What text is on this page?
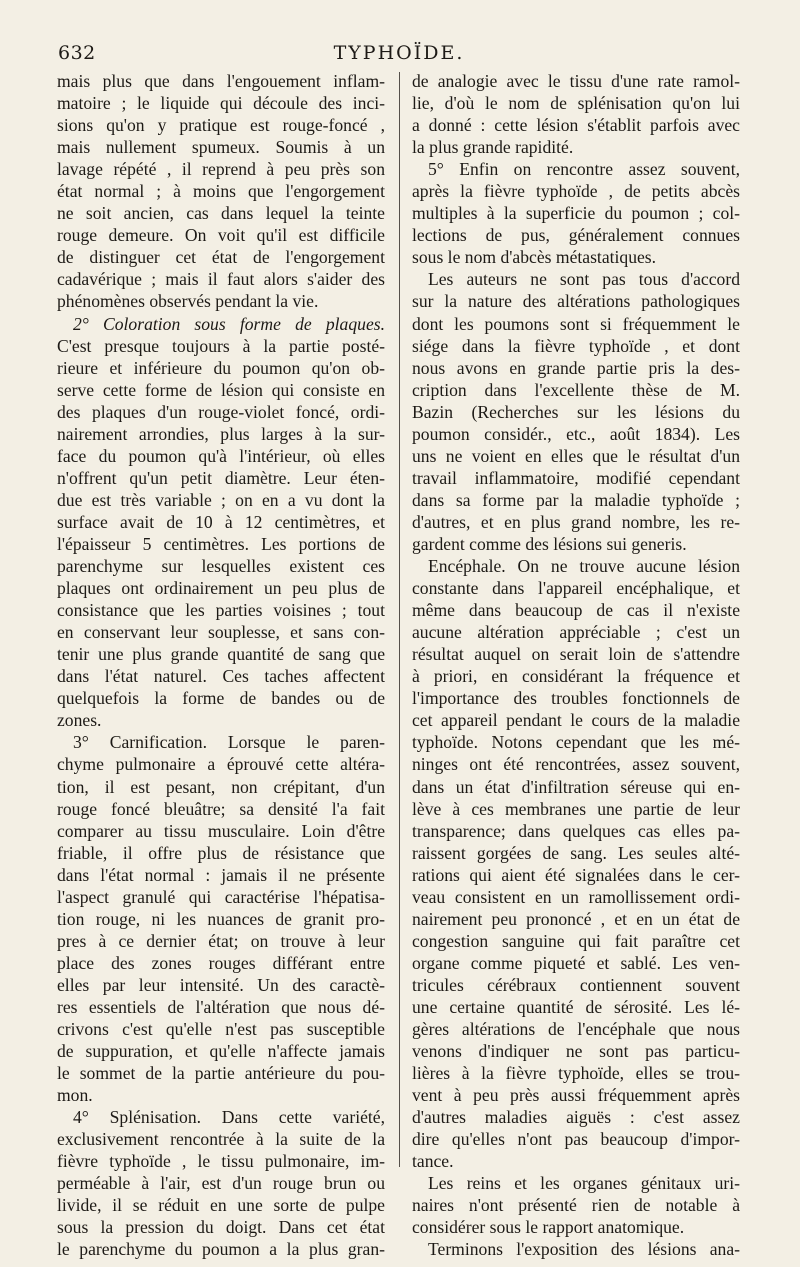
632	TYPHOÏDE.
mais plus que dans l'engouement inflam-
matoire ; le liquide qui découle des inci-
sions qu'on y pratique est rouge-foncé ,
mais nullement spumeux. Soumis à un
lavage répété , il reprend à peu près son
état normal ; à moins que l'engorgement
ne soit ancien, cas dans lequel la teinte
rouge demeure. On voit qu'il est difficile
de distinguer cet état de l'engorgement
cadavérique ; mais il faut alors s'aider des
phénomènes observés pendant la vie.
2° Coloration sous forme de plaques.
C'est presque toujours à la partie posté-
rieure et inférieure du poumon qu'on ob-
serve cette forme de lésion qui consiste en
des plaques d'un rouge-violet foncé, ordi-
nairement arrondies, plus larges à la sur-
face du poumon qu'à l'intérieur, où elles
n'offrent qu'un petit diamètre. Leur éten-
due est très variable ; on en a vu dont la
surface avait de 10 à 12 centimètres, et
l'épaisseur 5 centimètres. Les portions de
parenchyme sur lesquelles existent ces
plaques ont ordinairement un peu plus de
consistance que les parties voisines ; tout
en conservant leur souplesse, et sans con-
tenir une plus grande quantité de sang que
dans l'état naturel. Ces taches affectent
quelquefois la forme de bandes ou de
zones.
3° Carnification. Lorsque le paren-
chyme pulmonaire a éprouvé cette altéra-
tion, il est pesant, non crépitant, d'un
rouge foncé bleuâtre; sa densité l'a fait
comparer au tissu musculaire. Loin d'être
friable, il offre plus de résistance que
dans l'état normal : jamais il ne présente
l'aspect granulé qui caractérise l'hépatisa-
tion rouge, ni les nuances de granit pro-
pres à ce dernier état; on trouve à leur
place des zones rouges différant entre
elles par leur intensité. Un des caractè-
res essentiels de l'altération que nous dé-
crivons c'est qu'elle n'est pas susceptible
de suppuration, et qu'elle n'affecte jamais
le sommet de la partie antérieure du pou-
mon.
4° Splénisation. Dans cette variété,
exclusivement rencontrée à la suite de la
fièvre typhoïde , le tissu pulmonaire, im-
perméable à l'air, est d'un rouge brun ou
livide, il se réduit en une sorte de pulpe
sous la pression du doigt. Dans cet état
le parenchyme du poumon a la plus gran-
de analogie avec le tissu d'une rate ramol-
lie, d'où le nom de splénisation qu'on lui
a donné : cette lésion s'établit parfois avec
la plus grande rapidité.
5° Enfin on rencontre assez souvent,
après la fièvre typhoïde , de petits abcès
multiples à la superficie du poumon ; col-
lections de pus, généralement connues
sous le nom d'abcès métastatiques.
Les auteurs ne sont pas tous d'accord
sur la nature des altérations pathologiques
dont les poumons sont si fréquemment le
siége dans la fièvre typhoïde , et dont
nous avons en grande partie pris la des-
cription dans l'excellente thèse de M.
Bazin (Recherches sur les lésions du
poumon considér., etc., août 1834). Les
uns ne voient en elles que le résultat d'un
travail inflammatoire, modifié cependant
dans sa forme par la maladie typhoïde ;
d'autres, et en plus grand nombre, les re-
gardent comme des lésions sui generis.
Encéphale. On ne trouve aucune lésion
constante dans l'appareil encéphalique, et
même dans beaucoup de cas il n'existe
aucune altération appréciable ; c'est un
résultat auquel on serait loin de s'attendre
à priori, en considérant la fréquence et
l'importance des troubles fonctionnels de
cet appareil pendant le cours de la maladie
typhoïde. Notons cependant que les mé-
ninges ont été rencontrées, assez souvent,
dans un état d'infiltration séreuse qui en-
lève à ces membranes une partie de leur
transparence; dans quelques cas elles pa-
raissent gorgées de sang. Les seules alté-
rations qui aient été signalées dans le cer-
veau consistent en un ramollissement ordi-
nairement peu prononcé , et en un état de
congestion sanguine qui fait paraître cet
organe comme piqueté et sablé. Les ven-
tricules cérébraux contiennent souvent
une certaine quantité de sérosité. Les lé-
gères altérations de l'encéphale que nous
venons d'indiquer ne sont pas particu-
lières à la fièvre typhoïde, elles se trou-
vent à peu près aussi fréquemment après
d'autres maladies aiguës : c'est assez
dire qu'elles n'ont pas beaucoup d'impor-
tance.
Les reins et les organes génitaux uri-
naires n'ont présenté rien de notable à
considérer sous le rapport anatomique.
Terminons l'exposition des lésions ana-
